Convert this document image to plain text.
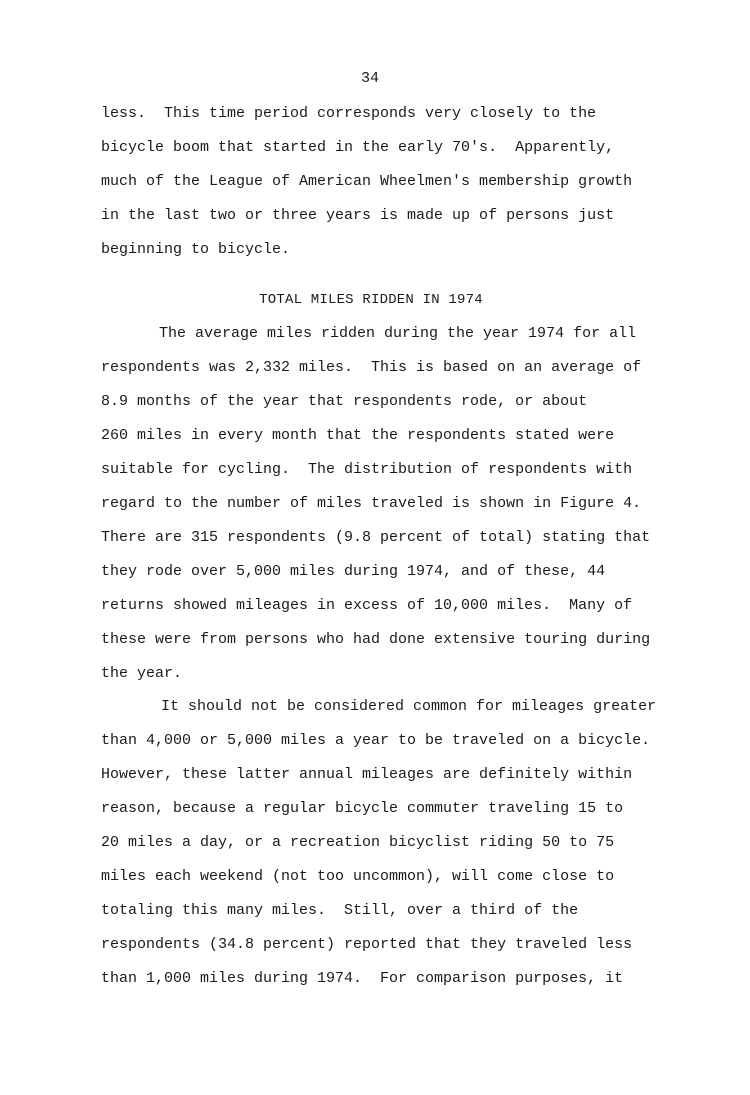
34
less.  This time period corresponds very closely to the
bicycle boom that started in the early 70's.  Apparently,
much of the League of American Wheelmen's membership growth
in the last two or three years is made up of persons just
beginning to bicycle.
TOTAL MILES RIDDEN IN 1974
The average miles ridden during the year 1974 for all
respondents was 2,332 miles.  This is based on an average of
8.9 months of the year that respondents rode, or about
260 miles in every month that the respondents stated were
suitable for cycling.  The distribution of respondents with
regard to the number of miles traveled is shown in Figure 4.
There are 315 respondents (9.8 percent of total) stating that
they rode over 5,000 miles during 1974, and of these, 44
returns showed mileages in excess of 10,000 miles.  Many of
these were from persons who had done extensive touring during
the year.
It should not be considered common for mileages greater
than 4,000 or 5,000 miles a year to be traveled on a bicycle.
However, these latter annual mileages are definitely within
reason, because a regular bicycle commuter traveling 15 to
20 miles a day, or a recreation bicyclist riding 50 to 75
miles each weekend (not too uncommon), will come close to
totaling this many miles.  Still, over a third of the
respondents (34.8 percent) reported that they traveled less
than 1,000 miles during 1974.  For comparison purposes, it
